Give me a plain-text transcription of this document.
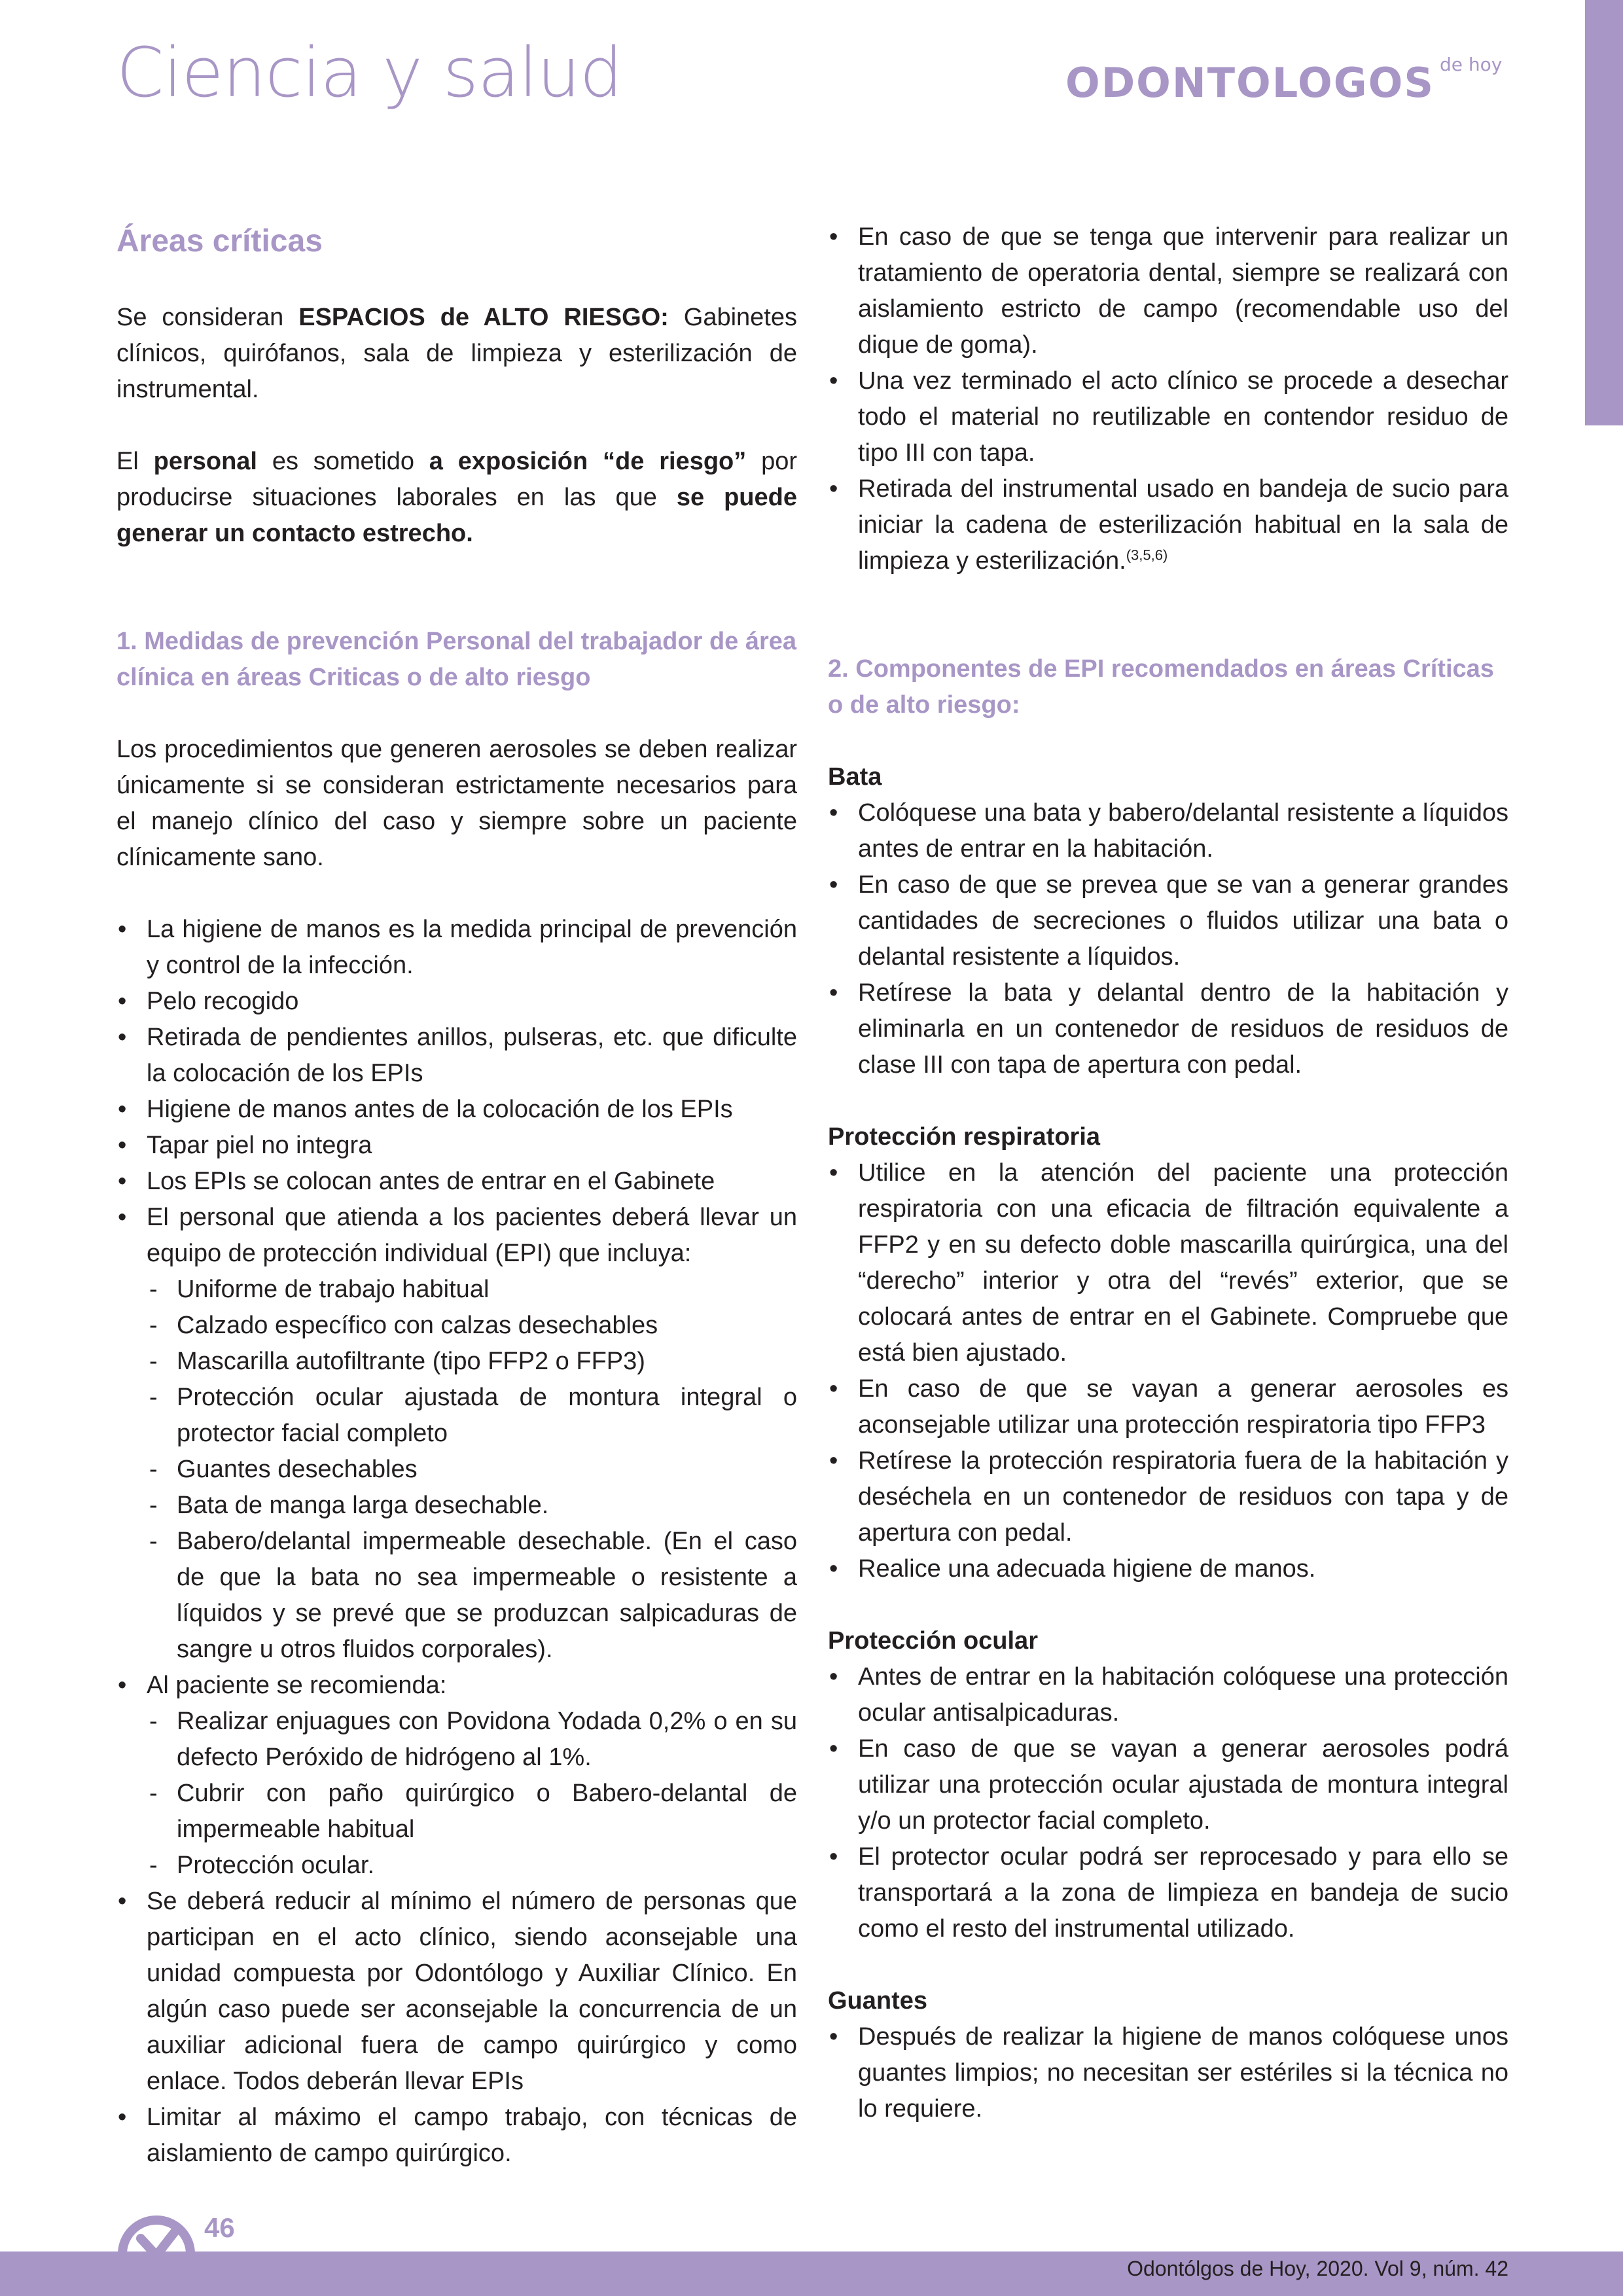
Ciencia y salud	ODONTOLOGOS $^{de hoy}$
Áreas críticas

Se consideran ESPACIOS de ALTO RIESGO: Gabinetes clínicos, quirófanos, sala de limpieza y esterilización de instrumental.

El personal es sometido a exposición “de riesgo” por producirse situaciones laborales en las que se puede generar un contacto estrecho.

1. Medidas de prevención Personal del trabajador de área clínica en áreas Criticas o de alto riesgo

Los procedimientos que generen aerosoles se deben realizar únicamente si se consideran estrictamente necesarios para el manejo clínico del caso y siempre sobre un paciente clínicamente sano.

• La higiene de manos es la medida principal de prevención y control de la infección.
• Pelo recogido
• Retirada de pendientes anillos, pulseras, etc. que dificulte la colocación de los EPIs
• Higiene de manos antes de la colocación de los EPIs
• Tapar piel no integra
• Los EPIs se colocan antes de entrar en el Gabinete
• El personal que atienda a los pacientes deberá llevar un equipo de protección individual (EPI) que incluya:
- Uniforme de trabajo habitual
- Calzado específico con calzas desechables
- Mascarilla autofiltrante (tipo FFP2 o FFP3)
- Protección ocular ajustada de montura integral o protector facial completo
- Guantes desechables
- Bata de manga larga desechable.
- Babero/delantal impermeable desechable. (En el caso de que la bata no sea impermeable o resistente a líquidos y se prevé que se produzcan salpicaduras de sangre u otros fluidos corporales).
• Al paciente se recomienda:
- Realizar enjuagues con Povidona Yodada 0,2% o en su defecto Peróxido de hidrógeno al 1%.
- Cubrir con paño quirúrgico o Babero-delantal de impermeable habitual
- Protección ocular.
• Se deberá reducir al mínimo el número de personas que participan en el acto clínico, siendo aconsejable una unidad compuesta por Odontólogo y Auxiliar Clínico. En algún caso puede ser aconsejable la concurrencia de un auxiliar adicional fuera de campo quirúrgico y como enlace. Todos deberán llevar EPIs
• Limitar al máximo el campo trabajo, con técnicas de aislamiento de campo quirúrgico.
• En caso de que se tenga que intervenir para realizar un tratamiento de operatoria dental, siempre se realizará con aislamiento estricto de campo (recomendable uso del dique de goma).
• Una vez terminado el acto clínico se procede a desechar todo el material no reutilizable en contendor residuo de tipo III con tapa.
• Retirada del instrumental usado en bandeja de sucio para iniciar la cadena de esterilización habitual en la sala de limpieza y esterilización.$^{(3,5,6)}$
2. Componentes de EPI recomendados en áreas Críticas o de alto riesgo:
Bata
• Colóquese una bata y babero/delantal resistente a líquidos antes de entrar en la habitación.
• En caso de que se prevea que se van a generar grandes cantidades de secreciones o fluidos utilizar una bata o delantal resistente a líquidos.
• Retírese la bata y delantal dentro de la habitación y eliminarla en un contenedor de residuos de residuos de clase III con tapa de apertura con pedal.
Protección respiratoria
• Utilice en la atención del paciente una protección respiratoria con una eficacia de filtración equivalente a FFP2 y en su defecto doble mascarilla quirúrgica, una del “derecho” interior y otra del “revés” exterior, que se colocará antes de entrar en el Gabinete. Compruebe que está bien ajustado.
• En caso de que se vayan a generar aerosoles es aconsejable utilizar una protección respiratoria tipo FFP3
• Retírese la protección respiratoria fuera de la habitación y deséchela en un contenedor de residuos con tapa y de apertura con pedal.
• Realice una adecuada higiene de manos.
Protección ocular
• Antes de entrar en la habitación colóquese una protección ocular antisalpicaduras.
• En caso de que se vayan a generar aerosoles podrá utilizar una protección ocular ajustada de montura integral y/o un protector facial completo.
• El protector ocular podrá ser reprocesado y para ello se transportará a la zona de limpieza en bandeja de sucio como el resto del instrumental utilizado.
Guantes
• Después de realizar la higiene de manos colóquese unos guantes limpios; no necesitan ser estériles si la técnica no lo requiere.
46
Odontólgos de Hoy, 2020. Vol 9, núm. 42
